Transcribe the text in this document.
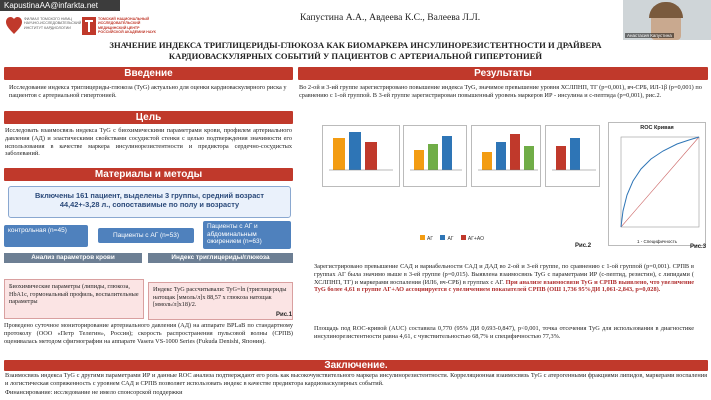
KapustinaAA@infarkta.net
ФИЛИАЛ ТОМСКОГО НИМЦ
НАУЧНО-ИССЛЕДОВАТЕЛЬСКИЙ
ИНСТИТУТ КАРДИОЛОГИИ
ТОМСКИЙ НАЦИОНАЛЬНЫЙ
ИССЛЕДОВАТЕЛЬСКИЙ
МЕДИЦИНСКИЙ ЦЕНТР
РОССИЙСКОЙ АКАДЕМИИ НАУК
Капустина А.А., Авдеева К.С., Валеева Л.Л.
Анастасия Капустина
ЗНАЧЕНИЕ ИНДЕКСА ТРИГЛИЦЕРИДЫ-ГЛЮКОЗА КАК БИОМАРКЕРА ИНСУЛИНОРЕЗИСТЕНТНОСТИ И ДРАЙВЕРА
КАРДИОВАСКУЛЯРНЫХ СОБЫТИЙ У ПАЦИЕНТОВ С АРТЕРИАЛЬНОЙ ГИПЕРТОНИЕЙ
Введение
Исследование индекса триглицериды-глюкоза (TyG) актуально для оценки кардиоваскулярного риска у пациентов с артериальной гипертонией.
Цель
Исследовать взаимосвязь индекса TyG с биохимическими параметрами крови, профилем артериального давления (АД) и эластическими свойствами сосудистой стенки с целью подтверждения значимости его использования в качестве маркера инсулинорезистентности и предиктора сердечно-сосудистых заболеваний.
Материалы и методы
Включены 161 пациент, выделены 3 группы, средний возраст 44,42+-3,28 л., сопоставимые по полу и возрасту
контрольная (n=45)
Пациенты с АГ (n=53)
Пациенты с АГ и абдоминальным ожирением (n=63)
Анализ параметров крови	Индекс триглицериды/глюкоза
Биохимические параметры (липиды, глюкоза, HbA1c, гормональный профиль, воспалительные параметры
Индекс TyG рассчитывали: TyG=ln (триглицериды натощак [ммоль/л]x 88,57 x глюкоза натощак [ммоль/л]x18)/2.
Рис.1
Проведено суточное мониторирование артериального давления (АД) на аппарате BPLaB по стандартному протоколу (ООО «Петр Телегин», Россия); скорость распространения пульсовой волны (СРПВ) оценивалась методом сфигмографии на аппарате Vasera VS-1000 Series (Fukuda Denishi, Япония).
Результаты
Во 2-ой и 3-ий группе зарегистрировано повышение индекса TyG, значимое превышение уровня ХСЛПНП, ТГ (p=0,001), вч-СРБ, ИЛ-1β (p=0,001) по сравнению с 1-ой группой. В 3-ей группе зарегистрирован повышенный уровень маркеров ИР - инсулина и с-пептида (p=0,001), рис.2.
АГ	АГ	АГ+АО
Рис.2
ROC Кривая
1 - Специфичность
Рис.3
Зарегистрировано превышение САД и вариабельности САД и ДАД во 2-ой и 3-ей группе, по сравнению с 1-ой группой (p=0,001). СРПВ в группах АГ была значимо выше в 3-ей группе (p=0,015). Выявлена взаимосвязь TyG с параметрами ИР (с-пептид, резистин), с липидами ( ХСЛПНП, ТГ) и маркерами воспаления (ИЛ6, вч-СРБ) в группах с АГ. При анализе взаимосвязи TyG и СРПВ выявлено, что увеличение TyG более 4,61 в группе АГ+АО ассоциируется с увеличением показателей СРПВ (ОШ 1,736 95%ДИ 1,061-2,843, p=0,028).
Площадь под ROC-кривой (AUC) составила 0,770 (95% ДИ 0,693-0,847), p<0,001, точка отсечения TyG для использования в диагностике инсулинорезистентности равна 4,61, с чувствительностью 68,7% и специфичностью 77,3%.
Заключение.
Взаимосвязь индекса TyG с другими параметрами ИР и данные ROC анализа подтверждают его роль как высокочувствительного маркера инсулинорезистентности. Корреляционная взаимосвязь TyG с атерогенными фракциями липидов, маркерами воспаления и логистическая сопряженность с уровнем САД и СРПВ позволяет использовать индекс в качестве предиктора кардиоваскулярных событий.
Финансирование: исследование не имело спонсорской поддержки
